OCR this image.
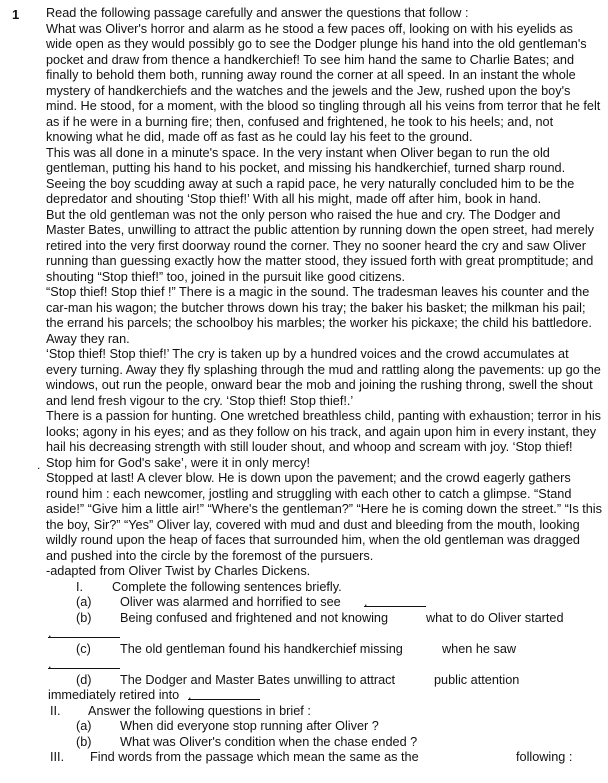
1
.

Read the following passage carefully and answer the questions that follow :

What was Oliver's horror and alarm as he stood a few paces off, looking on with his eyelids as wide open as they would possibly go to see the Dodger plunge his hand into the old gentleman's pocket and draw from thence a handkerchief! To see him hand the same to Charlie Bates; and finally to behold them both, running away round the corner at all speed. In an instant the whole mystery of handkerchiefs and the watches and the jewels and the Jew, rushed upon the boy's mind. He stood, for a moment, with the blood so tingling through all his veins from terror that he felt as if he were in a burning fire; then, confused and frightened, he took to his heels; and, not knowing what he did, made off as fast as he could lay his feet to the ground.

This was all done in a minute's space. In the very instant when Oliver began to run the old gentleman, putting his hand to his pocket, and missing his handkerchief, turned sharp round. Seeing the boy scudding away at such a rapid pace, he very naturally concluded him to be the depredator and shouting ‘Stop thief!’ With all his might, made off after him, book in hand.

But the old gentleman was not the only person who raised the hue and cry. The Dodger and Master Bates, unwilling to attract the public attention by running down the open street, had merely retired into the very first doorway round the corner. They no sooner heard the cry and saw Oliver running than guessing exactly how the matter stood, they issued forth with great promptitude; and shouting “Stop thief!” too, joined in the pursuit like good citizens.

“Stop thief! Stop thief !” There is a magic in the sound. The tradesman leaves his counter and the car-man his wagon; the butcher throws down his tray; the baker his basket; the milkman his pail; the errand his parcels; the schoolboy his marbles; the worker his pickaxe; the child his battledore. Away they ran.

‘Stop thief! Stop thief!’ The cry is taken up by a hundred voices and the crowd accumulates at every turning. Away they fly splashing through the mud and rattling along the pavements: up go the windows, out run the people, onward bear the mob and joining the rushing throng, swell the shout and lend fresh vigour to the cry. ‘Stop thief! Stop thief!.’

There is a passion for hunting. One wretched breathless child, panting with exhaustion; terror in his looks; agony in his eyes; and as they follow on his track, and again upon him in every instant, they hail his decreasing strength with still louder shout, and whoop and scream with joy. ‘Stop thief! Stop him for God's sake’, were it in only mercy!

Stopped at last! A clever blow. He is down upon the pavement; and the crowd eagerly gathers round him : each newcomer, jostling and struggling with each other to catch a glimpse. “Stand aside!” “Give him a little air!” “Where's the gentleman?” “Here he is coming down the street.” “Is this the boy, Sir?” “Yes” Oliver lay, covered with mud and dust and bleeding from the mouth, looking wildly round upon the heap of faces that surrounded him, when the old gentleman was dragged and pushed into the circle by the foremost of the pursuers.

-adapted from Oliver Twist by Charles Dickens.

I. Complete the following sentences briefly.
(a) Oliver was alarmed and horrified to see .
(b) Being confused and frightened and not knowing	what to do Oliver started
.
(c) The old gentleman found his handkerchief missing	when he saw
.
(d) The Dodger and Master Bates unwilling to attract	public attention
immediately retired into .
II. Answer the following questions in brief :
(a) When did everyone stop running after Oliver ?
(b) What was Oliver's condition when the chase ended ?
III. Find words from the passage which mean the same as the	following :
